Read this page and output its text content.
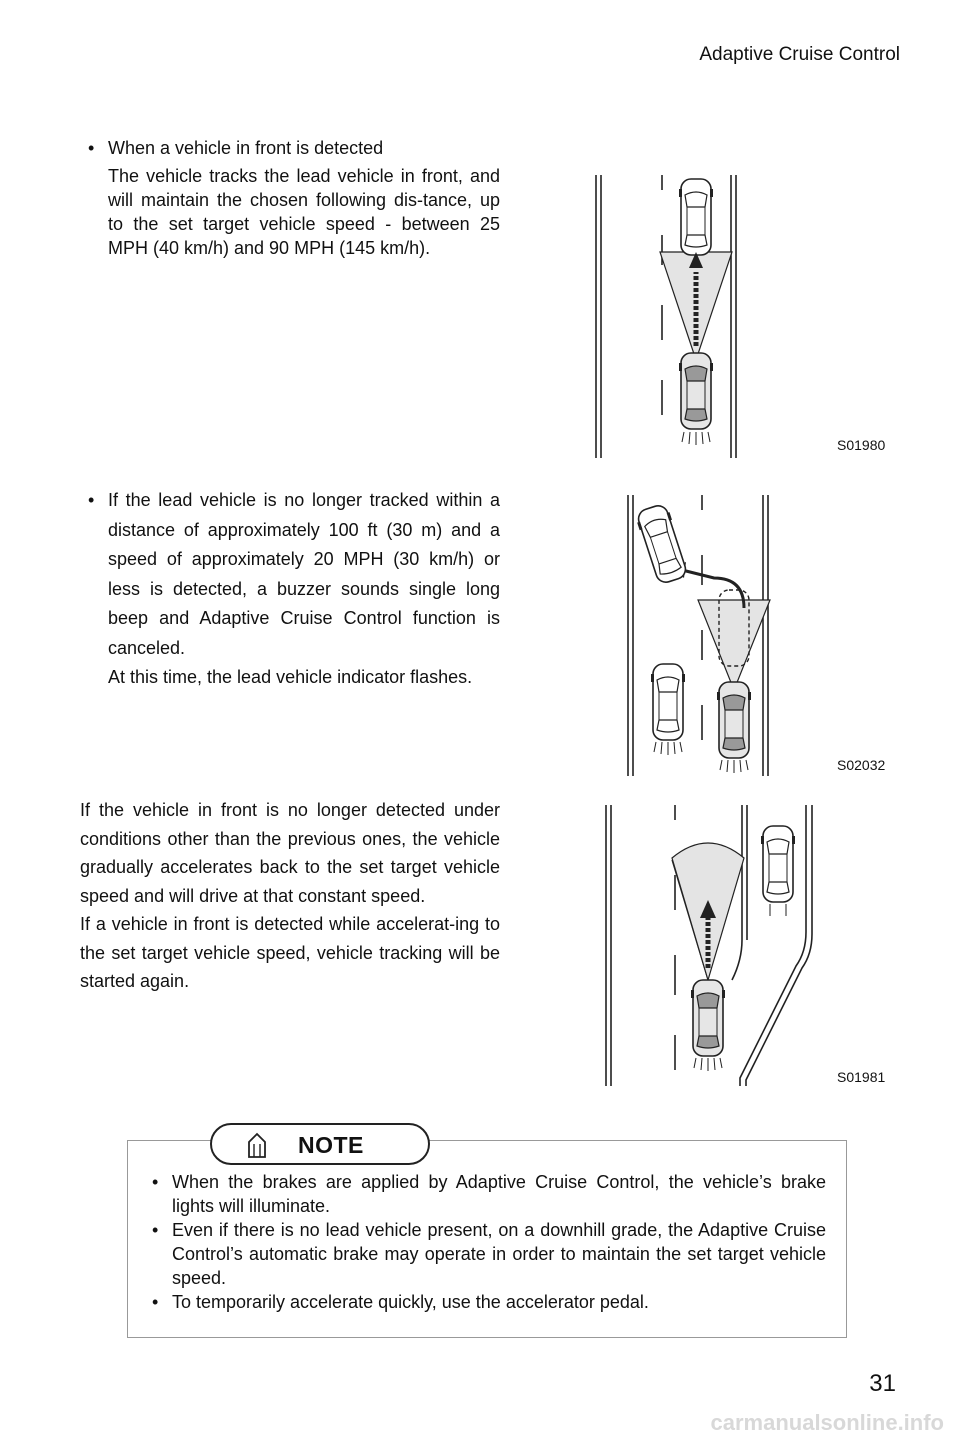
Adaptive Cruise Control
• When a vehicle in front is detected
The vehicle tracks the lead vehicle in front, and will maintain the chosen following dis-tance, up to the set target vehicle speed - between 25 MPH (40 km/h) and 90 MPH (145 km/h).
S01980
• If the lead vehicle is no longer tracked within a distance of approximately 100 ft (30 m) and a speed of approximately 20 MPH (30 km/h) or less is detected, a buzzer sounds single long beep and Adaptive Cruise Control function is canceled.
At this time, the lead vehicle indicator flashes.
S02032
If the vehicle in front is no longer detected under conditions other than the previous ones, the vehicle gradually accelerates back to the set target vehicle speed and will drive at that constant speed.
If a vehicle in front is detected while accelerat-ing to the set target vehicle speed, vehicle tracking will be started again.
S01981
NOTE
• When the brakes are applied by Adaptive Cruise Control, the vehicle’s brake lights will illuminate.
• Even if there is no lead vehicle present, on a downhill grade, the Adaptive Cruise Control’s automatic brake may operate in order to maintain the set target vehicle speed.
• To temporarily accelerate quickly, use the accelerator pedal.
31
carmanualsonline.info
